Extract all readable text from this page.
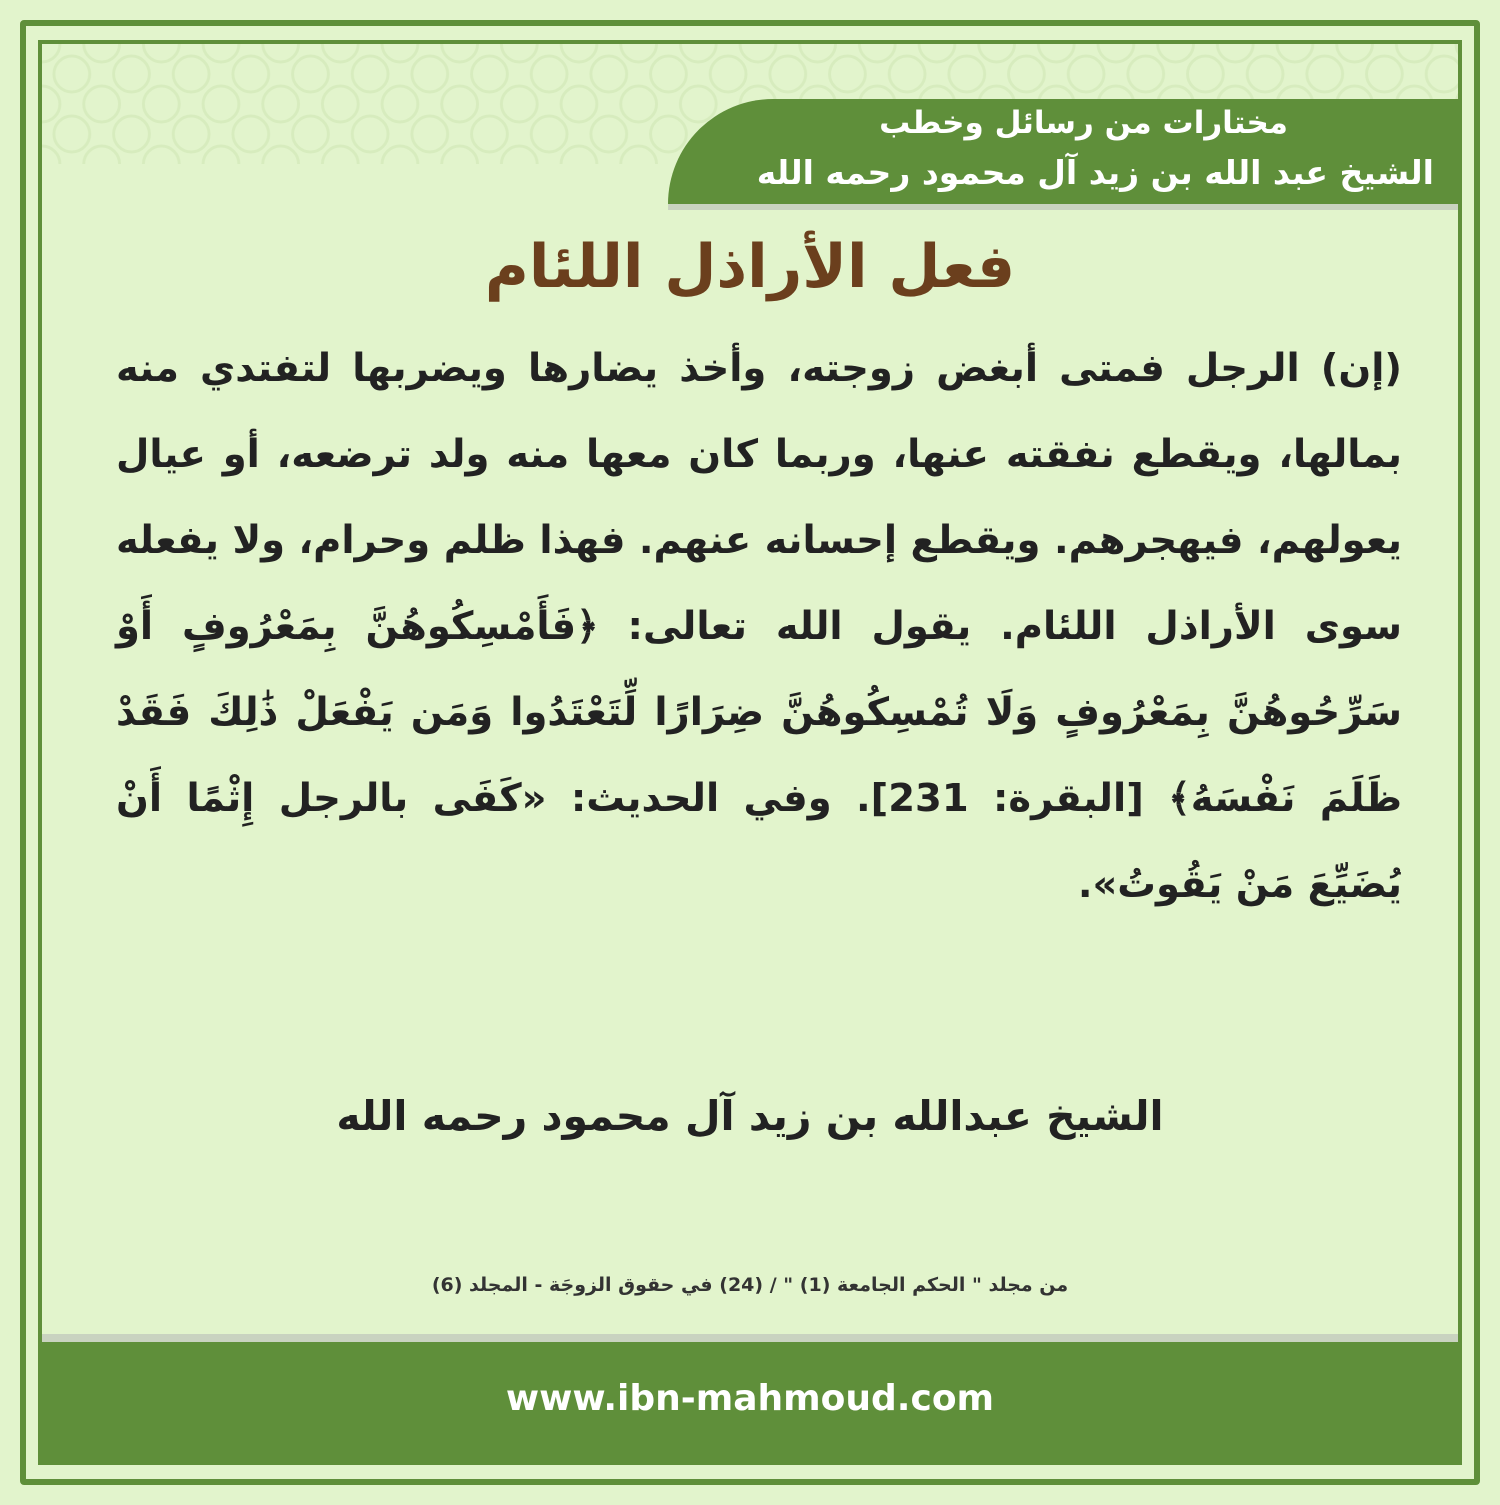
مختارات من رسائل وخطب
الشيخ عبد الله بن زيد آل محمود رحمه الله
فعل الأراذل اللئام

(إن) الرجل فمتى أبغض زوجته، وأخذ يضارها ويضربها لتفتدي منه بمالها، ويقطع نفقته عنها، وربما كان معها منه ولد ترضعه، أو عيال يعولهم، فيهجرهم. ويقطع إحسانه عنهم. فهذا ظلم وحرام، ولا يفعله سوى الأراذل اللئام. يقول الله تعالى: ﴿فَأَمْسِكُوهُنَّ بِمَعْرُوفٍ أَوْ سَرِّحُوهُنَّ بِمَعْرُوفٍ وَلَا تُمْسِكُوهُنَّ ضِرَارًا لِّتَعْتَدُوا وَمَن يَفْعَلْ ذَٰلِكَ فَقَدْ ظَلَمَ نَفْسَهُ﴾ [البقرة: 231]. وفي الحديث: «كَفَى بالرجل إِثْمًا أَنْ يُضَيِّعَ مَنْ يَقُوتُ».

الشيخ عبدالله بن زيد آل محمود رحمه الله
من مجلد " الحكم الجامعة (1) " / (24) في حقوق الزوجَة - المجلد (6)
www.ibn-mahmoud.com
